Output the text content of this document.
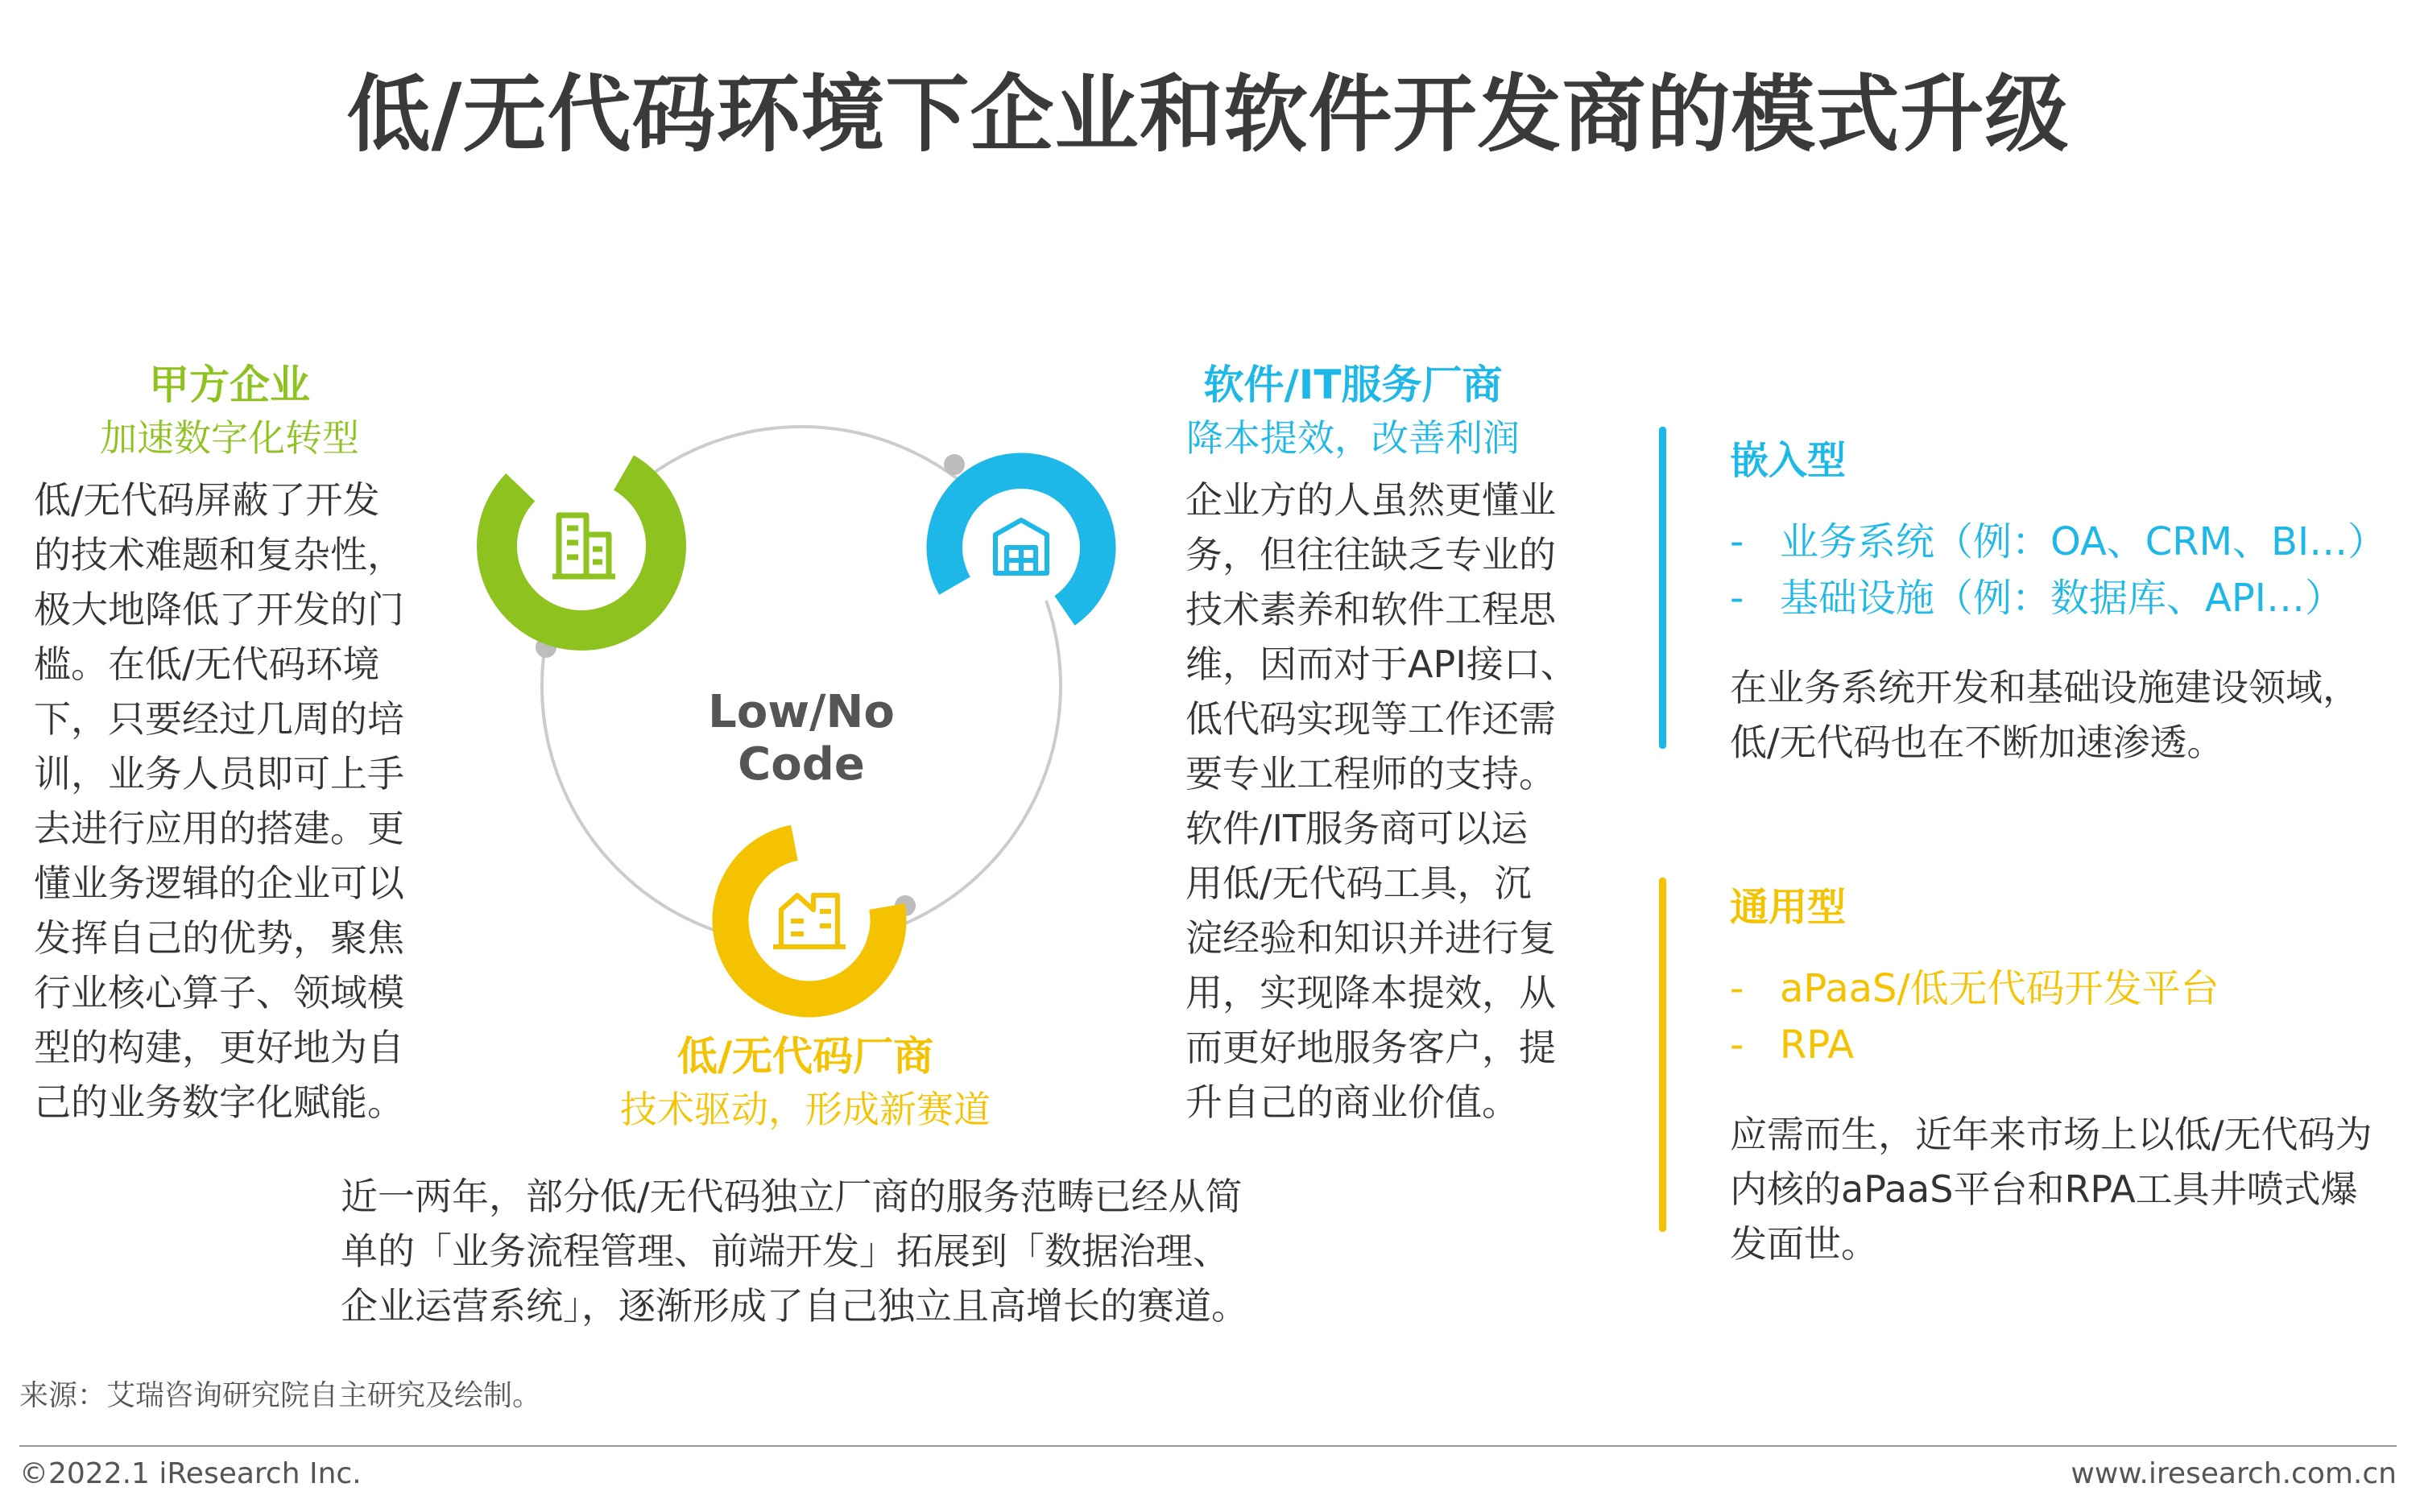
低/无代码环境下企业和软件开发商的模式升级
Low/No Code
甲方企业
加速数字化转型
低/无代码屏蔽了开发
的技术难题和复杂性，
极大地降低了开发的门
槛。在低/无代码环境
下，只要经过几周的培
训，业务人员即可上手
去进行应用的搭建。更
懂业务逻辑的企业可以
发挥自己的优势，聚焦
行业核心算子、领域模
型的构建，更好地为自
己的业务数字化赋能。
软件/IT服务厂商
降本提效，改善利润
企业方的人虽然更懂业
务，但往往缺乏专业的
技术素养和软件工程思
维，因而对于API接口、
低代码实现等工作还需
要专业工程师的支持。
软件/IT服务商可以运
用低/无代码工具，沉
淀经验和知识并进行复
用，实现降本提效，从
而更好地服务客户，提
升自己的商业价值。
低/无代码厂商
技术驱动，形成新赛道
近一两年，部分低/无代码独立厂商的服务范畴已经从简
单的「业务流程管理、前端开发」拓展到「数据治理、
企业运营系统」，逐渐形成了自己独立且高增长的赛道。
嵌入型
- 业务系统（例：OA、CRM、BI…）
- 基础设施（例：数据库、API…）
在业务系统开发和基础设施建设领域，
低/无代码也在不断加速渗透。
通用型
- aPaaS/低无代码开发平台
- RPA
应需而生，近年来市场上以低/无代码为
内核的aPaaS平台和RPA工具井喷式爆
发面世。
来源：艾瑞咨询研究院自主研究及绘制。
©2022.1 iResearch Inc.	www.iresearch.com.cn
